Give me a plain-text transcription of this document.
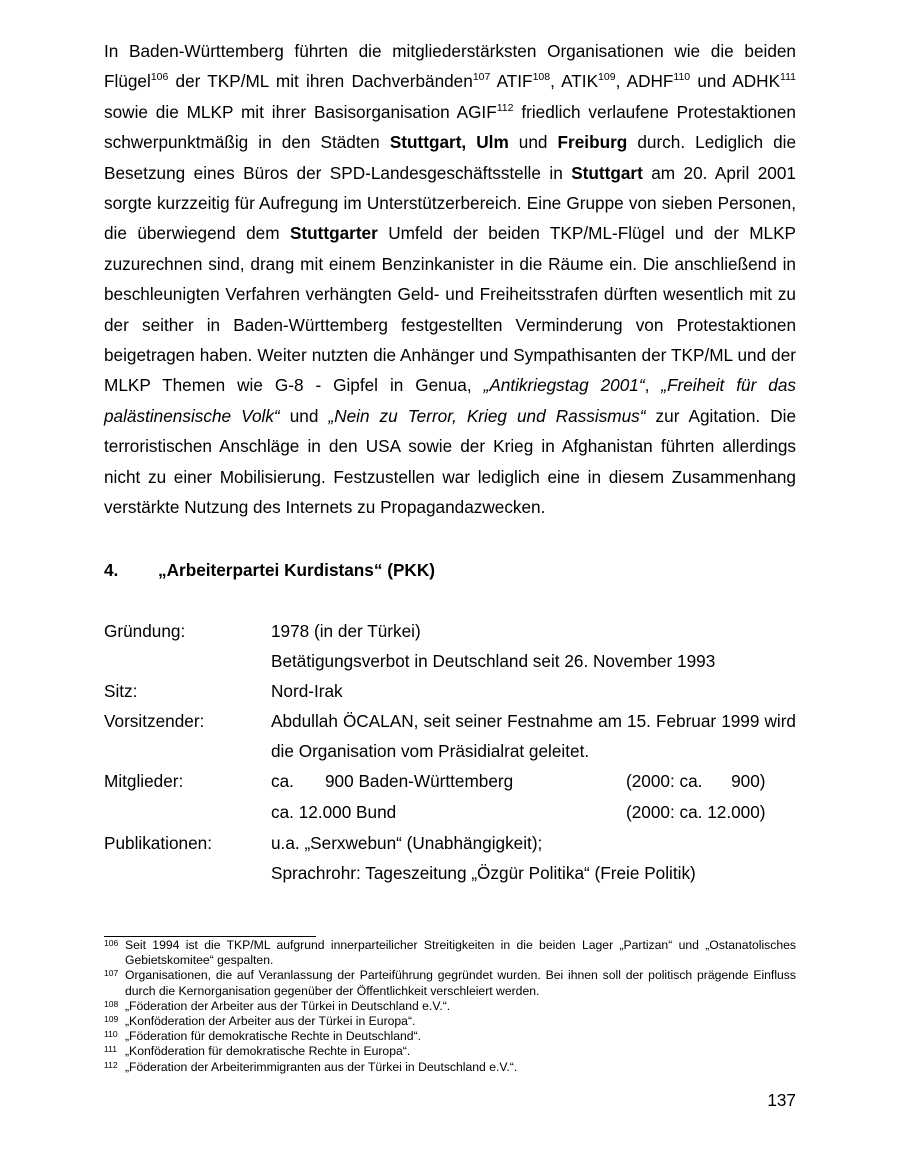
In Baden-Württemberg führten die mitgliederstärksten Organisationen wie die beiden Flügel$^{106}$ der TKP/ML mit ihren Dachverbänden$^{107}$ ATIF$^{108}$, ATIK$^{109}$, ADHF$^{110}$ und ADHK$^{111}$ sowie die MLKP mit ihrer Basisorganisation AGIF$^{112}$ friedlich verlaufene Protestaktionen schwerpunktmäßig in den Städten Stuttgart, Ulm und Freiburg durch. Lediglich die Besetzung eines Büros der SPD-Landesgeschäftsstelle in Stuttgart am 20. April 2001 sorgte kurzzeitig für Aufregung im Unterstützerbereich. Eine Gruppe von sieben Personen, die überwiegend dem Stuttgarter Umfeld der beiden TKP/ML-Flügel und der MLKP zuzurechnen sind, drang mit einem Benzinkanister in die Räume ein. Die anschließend in beschleunigten Verfahren verhängten Geld- und Freiheitsstrafen dürften wesentlich mit zu der seither in Baden-Württemberg festgestellten Verminderung von Protestaktionen beigetragen haben. Weiter nutzten die Anhänger und Sympathisanten der TKP/ML und der MLKP Themen wie G-8 - Gipfel in Genua, „Antikriegstag 2001“, „Freiheit für das palästinensische Volk“ und „Nein zu Terror, Krieg und Rassismus“ zur Agitation. Die terroristischen Anschläge in den USA sowie der Krieg in Afghanistan führten allerdings nicht zu einer Mobilisierung. Festzustellen war lediglich eine in diesem Zusammenhang verstärkte Nutzung des Internets zu Propagandazwecken.

4. „Arbeiterpartei Kurdistans“ (PKK)
Gründung:	1978 (in der Türkei)
Betätigungsverbot in Deutschland seit 26. November 1993
Sitz:	Nord-Irak
Vorsitzender:	Abdullah ÖCALAN, seit seiner Festnahme am 15. Februar 1999 wird die Organisation vom Präsidialrat geleitet.
Mitglieder:	ca. 900 Baden-Württemberg	(2000: ca.      900)
ca. 12.000 Bund	(2000: ca. 12.000)
Publikationen:	u.a. „Serxwebun“ (Unabhängigkeit);
Sprachrohr: Tageszeitung „Özgür Politika“ (Freie Politik)
106 Seit 1994 ist die TKP/ML aufgrund innerparteilicher Streitigkeiten in die beiden Lager „Partizan“ und „Ostanatolisches Gebietskomitee“ gespalten.
107 Organisationen, die auf Veranlassung der Parteiführung gegründet wurden. Bei ihnen soll der politisch prägende Einfluss durch die Kernorganisation gegenüber der Öffentlichkeit verschleiert werden.
108 „Föderation der Arbeiter aus der Türkei in Deutschland e.V.“.
109 „Konföderation der Arbeiter aus der Türkei in Europa“.
110 „Föderation für demokratische Rechte in Deutschland“.
111 „Konföderation für demokratische Rechte in Europa“.
112 „Föderation der Arbeiterimmigranten aus der Türkei in Deutschland e.V.“.
137
